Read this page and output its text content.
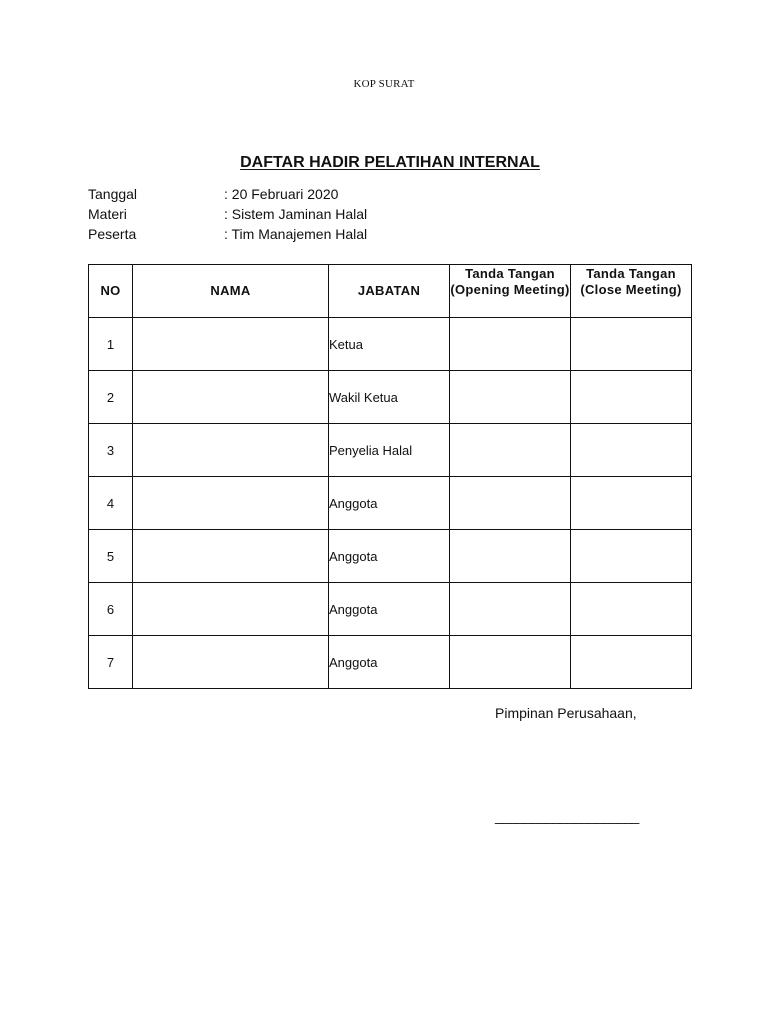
KOP SURAT
DAFTAR HADIR PELATIHAN INTERNAL
Tanggal	: 20 Februari 2020
Materi	: Sistem Jaminan Halal
Peserta	: Tim Manajemen Halal
NO	NAMA	JABATAN	Tanda Tangan (Opening Meeting)	Tanda Tangan (Close Meeting)
1		Ketua		
2		Wakil Ketua		
3		Penyelia Halal		
4		Anggota		
5		Anggota		
6		Anggota		
7		Anggota		
Pimpinan Perusahaan,
____________________
